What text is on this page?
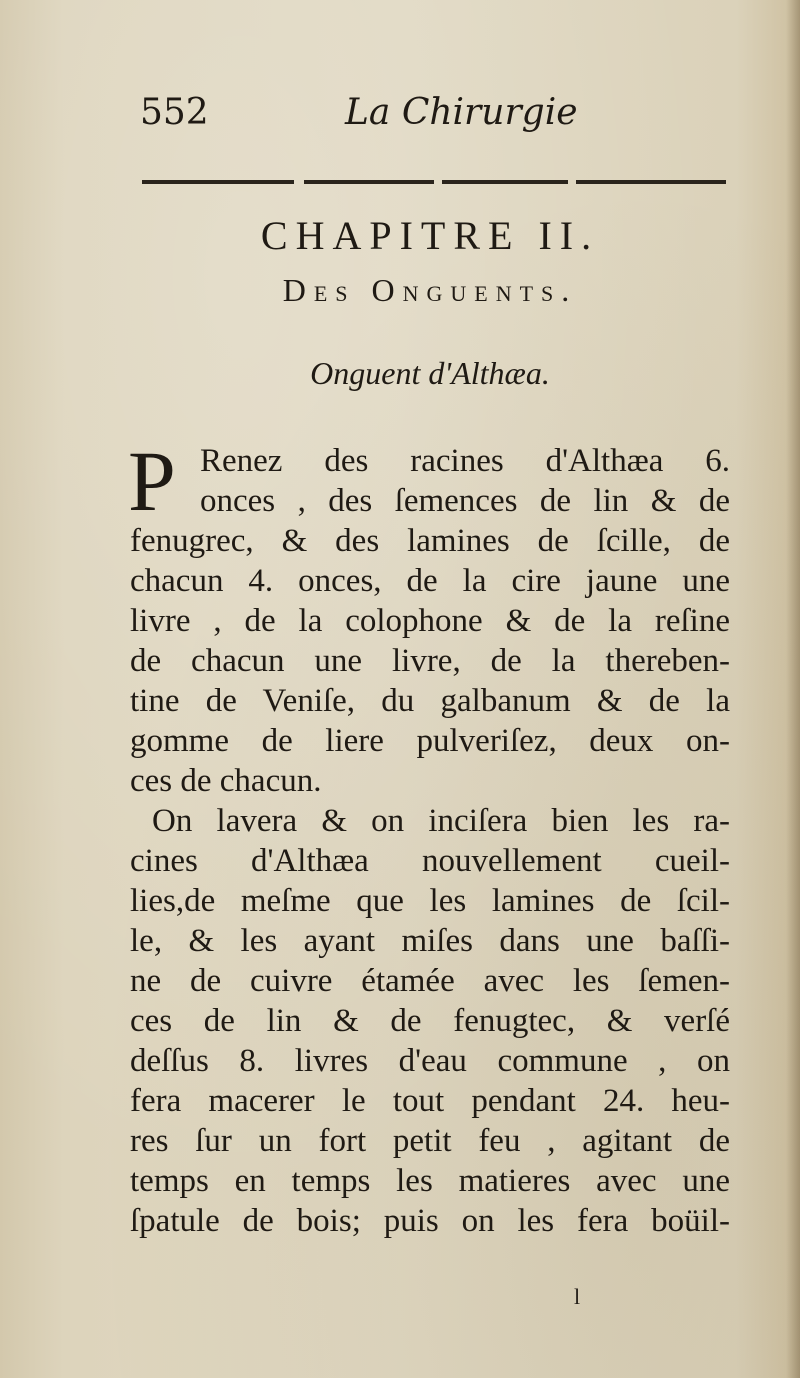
552	La Chirurgie
CHAPITRE II.
Des Onguents.
Onguent d'Althæa.
P Renez des racines d'Althæa 6.
onces , des ſemences de lin & de
fenugrec, & des lamines de ſcille, de
chacun 4. onces, de la cire jaune une
livre , de la colophone & de la reſine
de chacun une livre, de la thereben-
tine de Veniſe, du galbanum & de la
gomme de liere pulveriſez, deux on-
ces de chacun.
On lavera & on inciſera bien les ra-
cines d'Althæa nouvellement cueil-
lies,de meſme que les lamines de ſcil-
le, & les ayant miſes dans une baſſi-
ne de cuivre étamée avec les ſemen-
ces de lin & de fenugtec, & verſé
deſſus 8. livres d'eau commune , on
fera macerer le tout pendant 24. heu-
res ſur un fort petit feu , agitant de
temps en temps les matieres avec une
ſpatule de bois; puis on les fera boüil-
l
